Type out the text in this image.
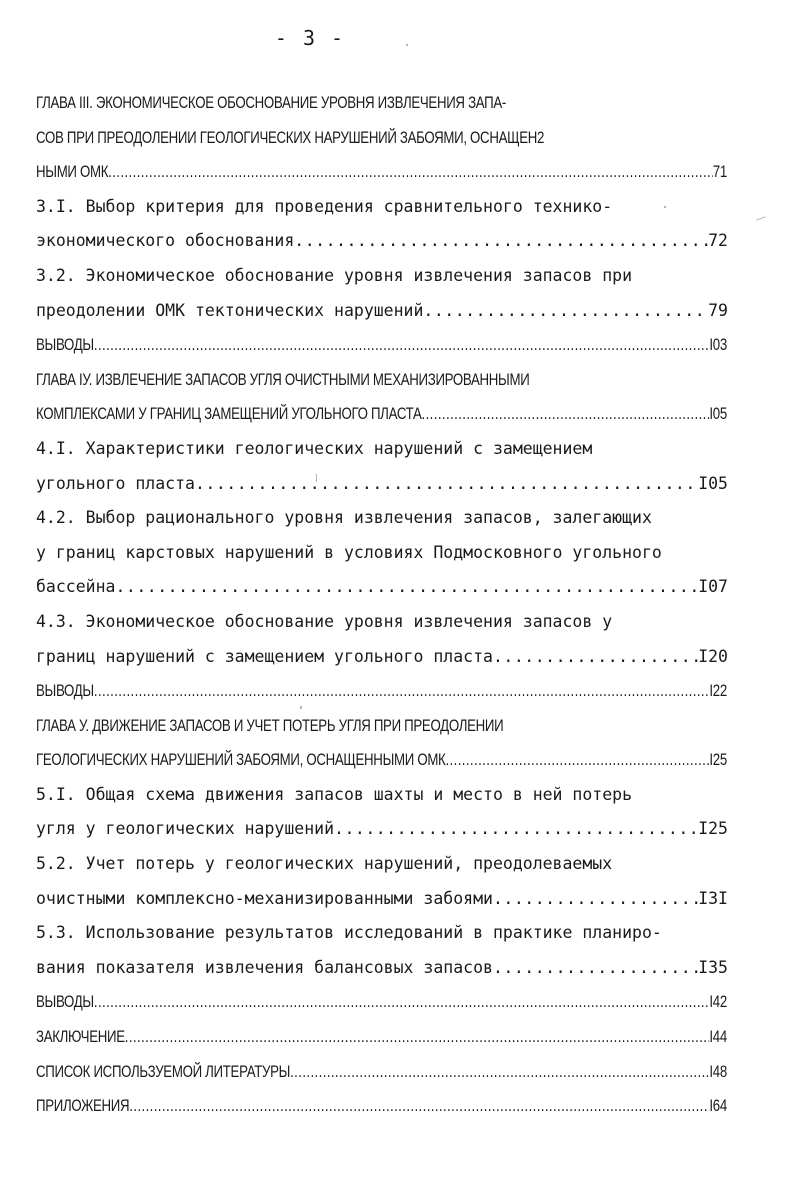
- 3 -
ГЛАВА III. ЭКОНОМИЧЕСКОЕ ОБОСНОВАНИЕ УРОВНЯ ИЗВЛЕЧЕНИЯ ЗАПА-
СОВ ПРИ ПРЕОДОЛЕНИИ ГЕОЛОГИЧЕСКИХ НАРУШЕНИЙ ЗАБОЯМИ, ОСНАЩЕН2
НЫМИ ОМК .....	71
3.I. Выбор критерия для проведения сравнительного технико-
экономического обоснования .....	72
3.2. Экономическое обоснование уровня извлечения запасов при
преодолении ОМК тектонических нарушений .....	79
ВЫВОДЫ .....	I03
ГЛАВА IУ. ИЗВЛЕЧЕНИЕ ЗАПАСОВ УГЛЯ ОЧИСТНЫМИ МЕХАНИЗИРОВАННЫМИ
КОМПЛЕКСАМИ У ГРАНИЦ ЗАМЕЩЕНИЙ УГОЛЬНОГО ПЛАСТА .....	I05
4.I. Характеристики геологических нарушений с замещением
угольного пласта .....	I05
4.2. Выбор рационального уровня извлечения запасов, залегающих
у границ карстовых нарушений в условиях Подмосковного угольного
бассейна .....	I07
4.3. Экономическое обоснование уровня извлечения запасов у
границ нарушений с замещением угольного пласта .....	I20
ВЫВОДЫ .....	I22
ГЛАВА У. ДВИЖЕНИЕ ЗАПАСОВ И УЧЕТ ПОТЕРЬ УГЛЯ ПРИ ПРЕОДОЛЕНИИ
ГЕОЛОГИЧЕСКИХ НАРУШЕНИЙ ЗАБОЯМИ, ОСНАЩЕННЫМИ ОМК .....	I25
5.I. Общая схема движения запасов шахты и место в ней потерь
угля у геологических нарушений .....	I25
5.2. Учет потерь у геологических нарушений, преодолеваемых
очистными комплексно-механизированными забоями .....	I3I
5.3. Использование результатов исследований в практике планиро-
вания показателя извлечения балансовых запасов .....	I35
ВЫВОДЫ .....	I42
ЗАКЛЮЧЕНИЕ .....	I44
СПИСОК ИСПОЛЬЗУЕМОЙ ЛИТЕРАТУРЫ .....	I48
ПРИЛОЖЕНИЯ .....	I64
